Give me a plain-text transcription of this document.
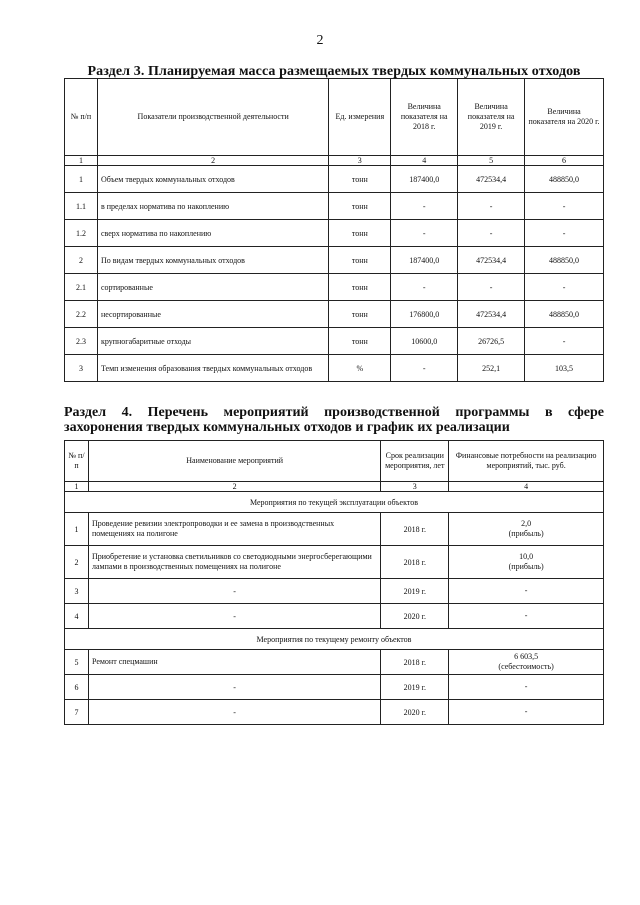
2
Раздел 3. Планируемая масса размещаемых твердых коммунальных отходов
№ п/п	Показатели производственной деятельности	Ед. измерения	Величина показателя на 2018 г.	Величина показателя на 2019 г.	Величина показателя на 2020 г.
1	2	3	4	5	6
1	Объем твердых коммунальных отходов	тонн	187400,0	472534,4	488850,0
1.1	в пределах норматива по накоплению	тонн	-	-	-
1.2	сверх норматива по накоплению	тонн	-	-	-
2	По видам твердых коммунальных отходов	тонн	187400,0	472534,4	488850,0
2.1	сортированные	тонн	-	-	-
2.2	несортированные	тонн	176800,0	472534,4	488850,0
2.3	крупногабаритные отходы	тонн	10600,0	26726,5	-
3	Темп изменения образования твердых коммунальных отходов	%	-	252,1	103,5
Раздел 4. Перечень мероприятий производственной программы в сфере
захоронения твердых коммунальных отходов и график их реализации
№ п/п	Наименование мероприятий	Срок реализации мероприятия, лет	Финансовые потребности на реализацию мероприятий, тыс. руб.
1	2	3	4
Мероприятия по текущей эксплуатации объектов			
1	Проведение ревизии электропроводки и ее замена в производственных помещениях на полигоне	2018 г.	2,0
(прибыль)

2	Приобретение и установка светильников со светодиодными энергосберегающими лампами в производственных помещениях на полигоне	2018 г.	10,0
(прибыль)

3	-	2019 г.	-

4	-	2020 г.	-

Мероприятия по текущему ремонту объектов			
5	Ремонт спецмашин	2018 г.	6 603,5
(себестоимость)

6	-	2019 г.	-

7	-	2020 г.	-
